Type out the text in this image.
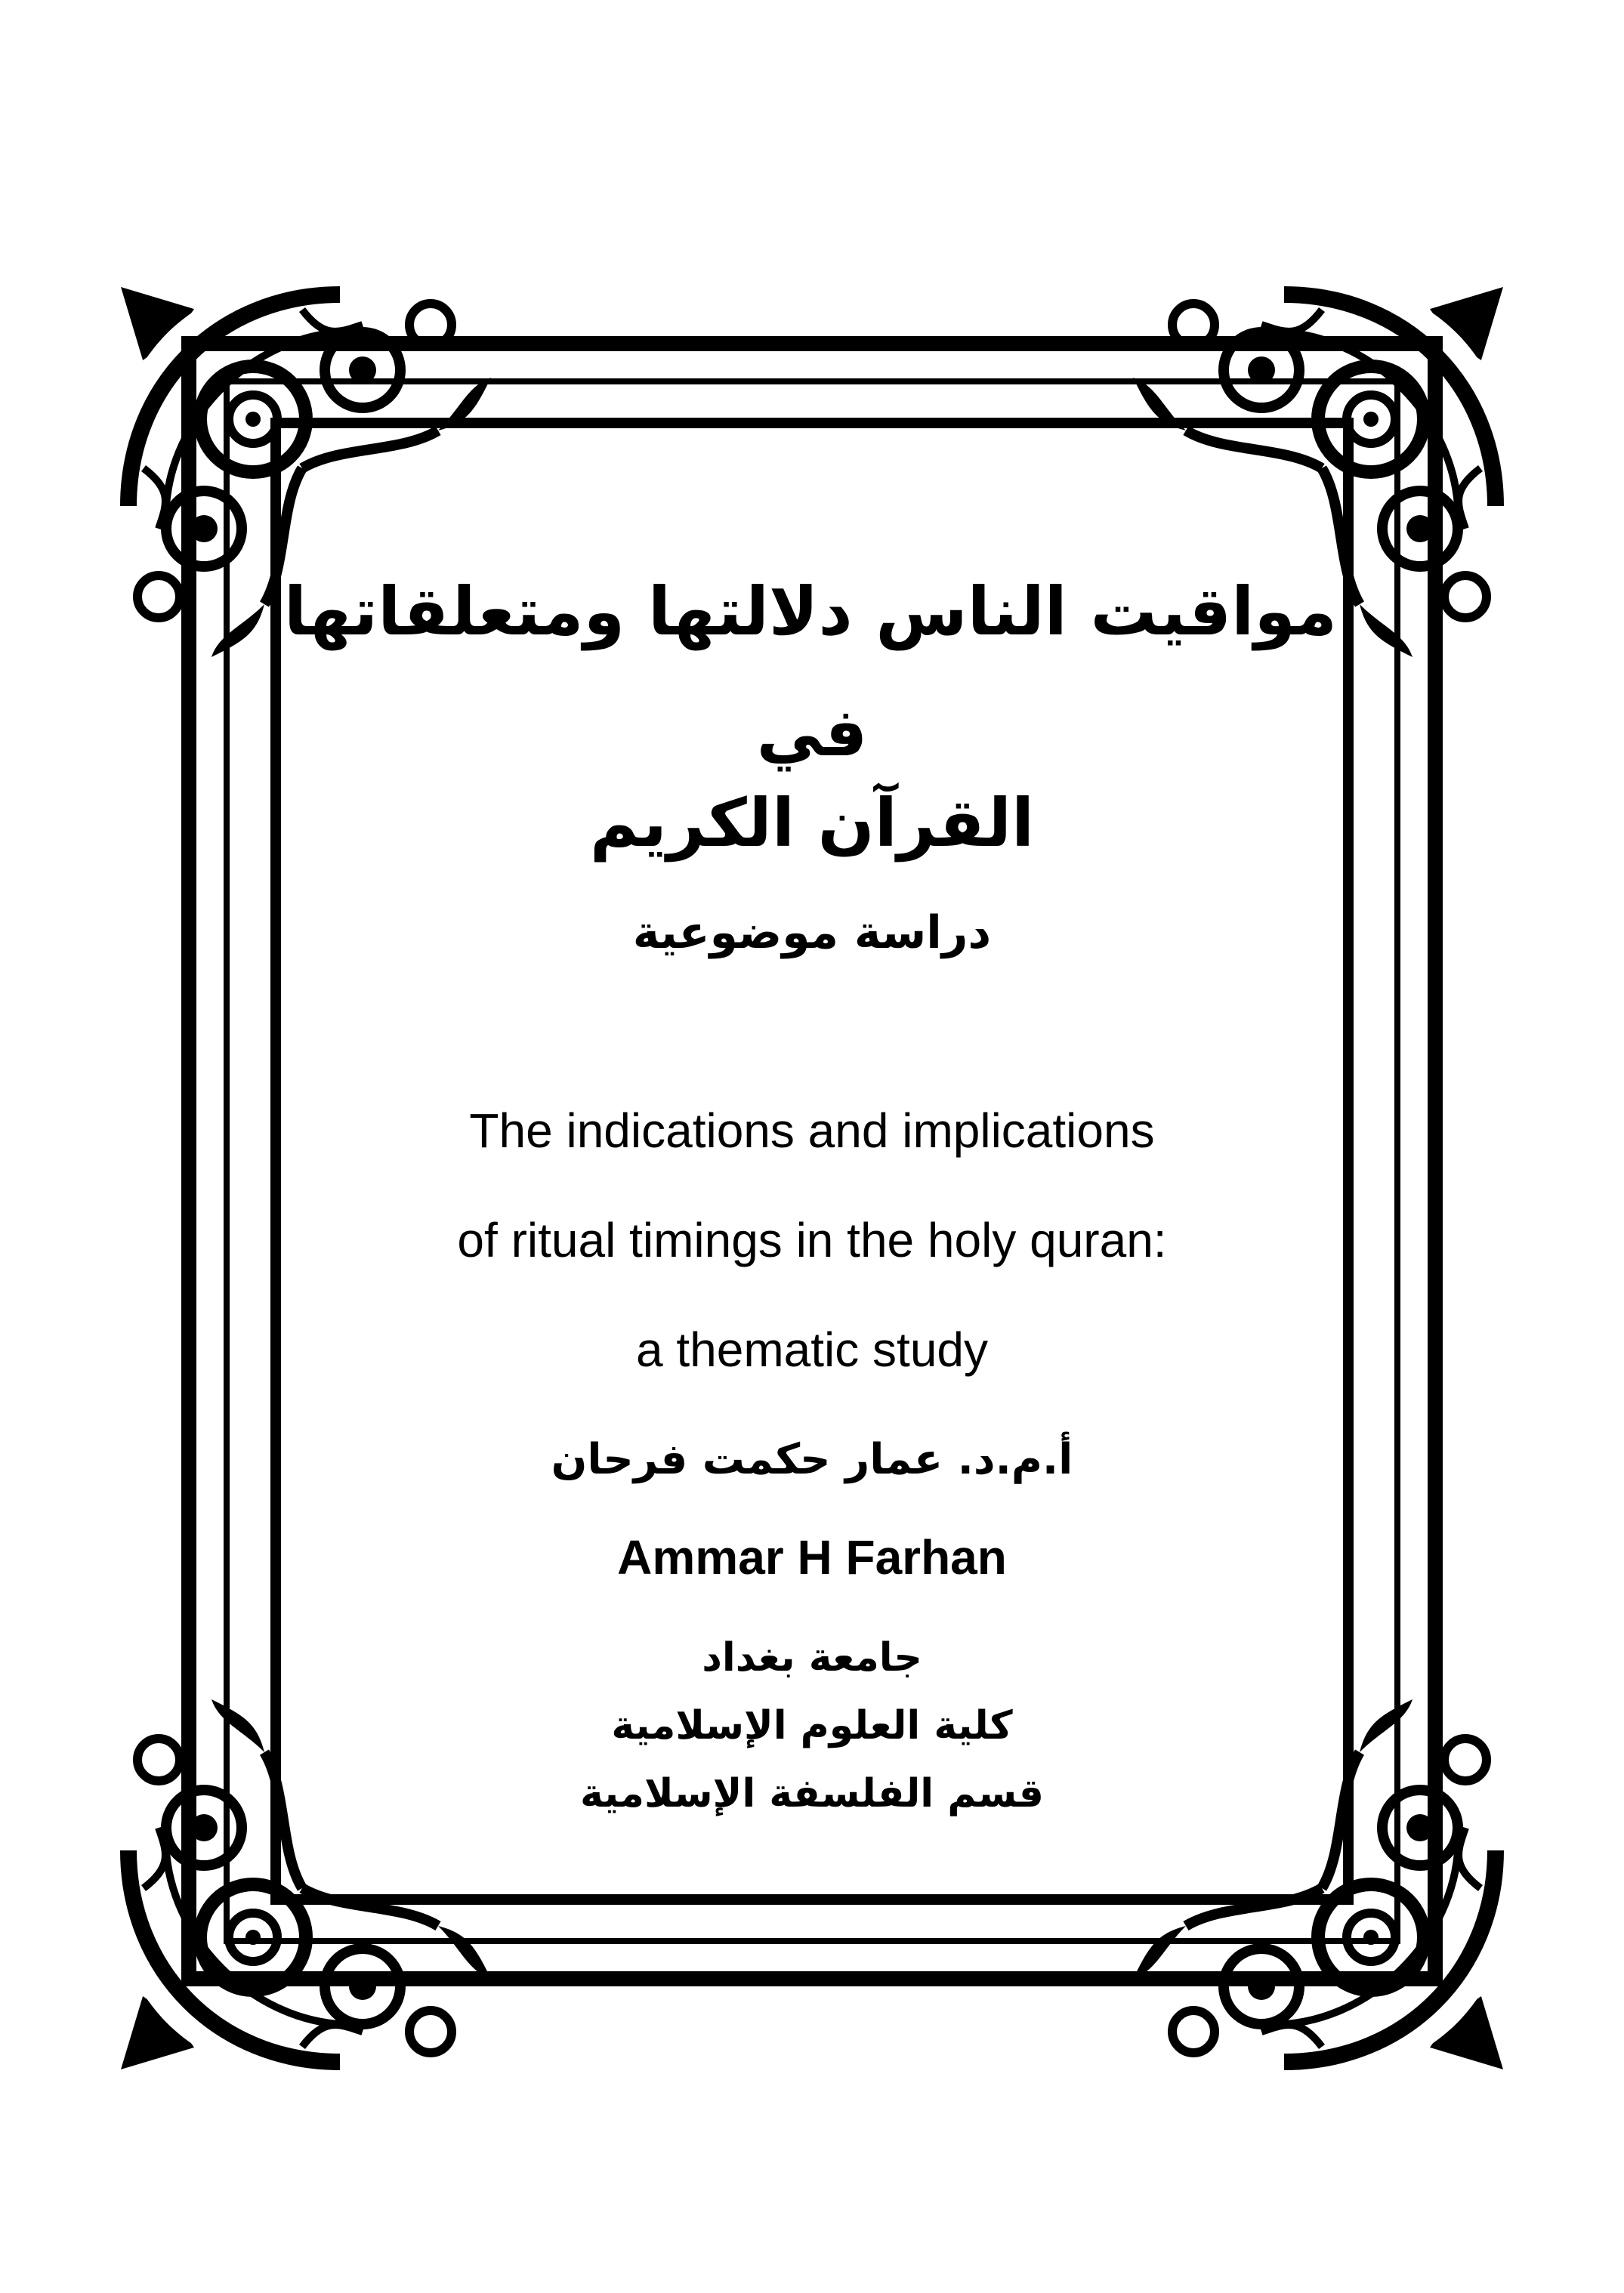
مواقيت الناس دلالتها ومتعلقاتها
في
القرآن الكريم
دراسة موضوعية
The indications and implications
of ritual timings in the holy quran:
a thematic study
أ.م.د. عمار حكمت فرحان
Ammar H Farhan
جامعة بغداد
كلية العلوم الإسلامية
قسم الفلسفة الإسلامية
